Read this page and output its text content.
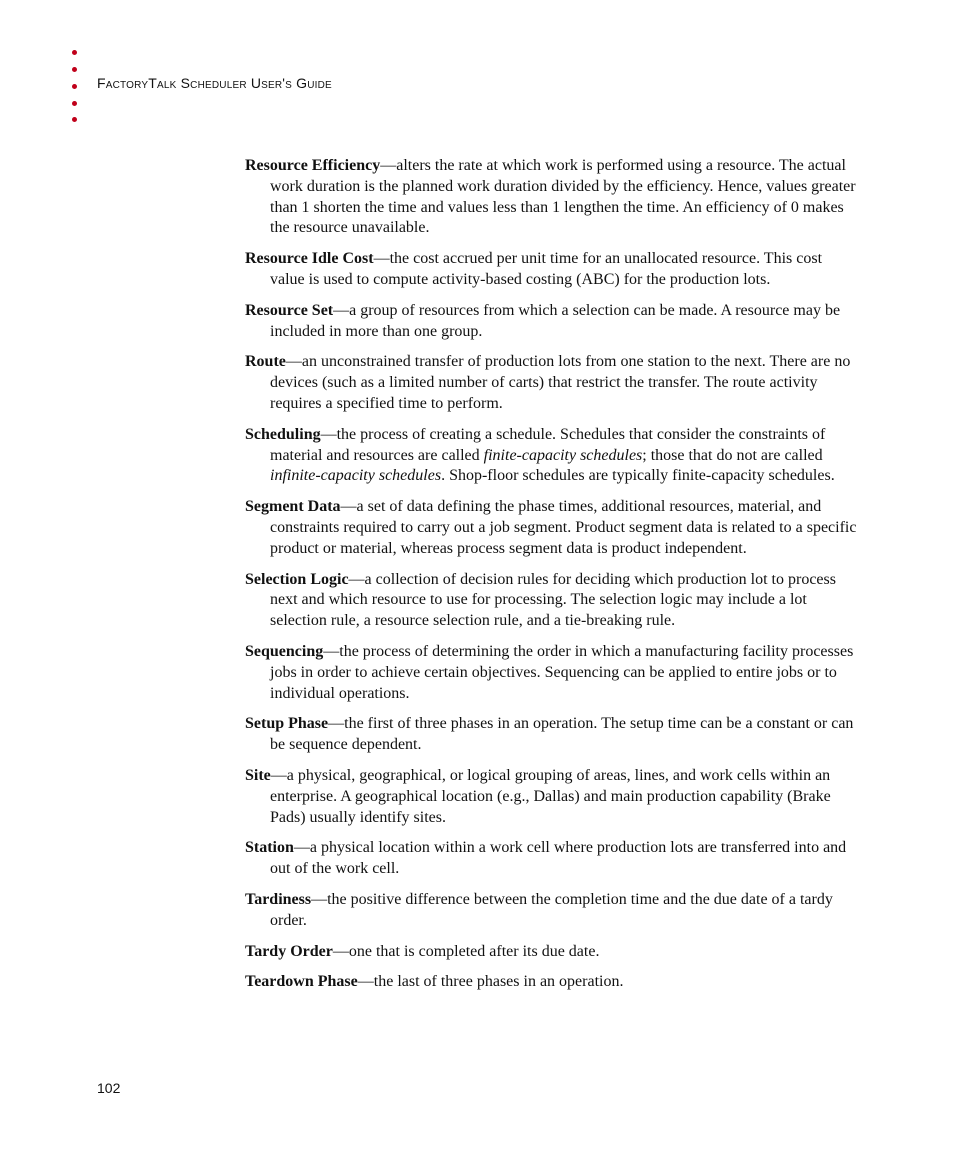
FactoryTalk Scheduler User's Guide

Resource Efficiency—alters the rate at which work is performed using a resource. The actual work duration is the planned work duration divided by the efficiency. Hence, values greater than 1 shorten the time and values less than 1 lengthen the time. An efficiency of 0 makes the resource unavailable.

Resource Idle Cost—the cost accrued per unit time for an unallocated resource. This cost value is used to compute activity-based costing (ABC) for the production lots.

Resource Set—a group of resources from which a selection can be made. A resource may be included in more than one group.

Route—an unconstrained transfer of production lots from one station to the next. There are no devices (such as a limited number of carts) that restrict the transfer. The route activity requires a specified time to perform.

Scheduling—the process of creating a schedule. Schedules that consider the constraints of material and resources are called finite-capacity schedules; those that do not are called infinite-capacity schedules. Shop-floor schedules are typically finite-capacity schedules.

Segment Data—a set of data defining the phase times, additional resources, material, and constraints required to carry out a job segment. Product segment data is related to a specific product or material, whereas process segment data is product independent.

Selection Logic—a collection of decision rules for deciding which production lot to process next and which resource to use for processing. The selection logic may include a lot selection rule, a resource selection rule, and a tie-breaking rule.

Sequencing—the process of determining the order in which a manufacturing facility processes jobs in order to achieve certain objectives. Sequencing can be applied to entire jobs or to individual operations.

Setup Phase—the first of three phases in an operation. The setup time can be a constant or can be sequence dependent.

Site—a physical, geographical, or logical grouping of areas, lines, and work cells within an enterprise. A geographical location (e.g., Dallas) and main production capability (Brake Pads) usually identify sites.

Station—a physical location within a work cell where production lots are transferred into and out of the work cell.

Tardiness—the positive difference between the completion time and the due date of a tardy order.

Tardy Order—one that is completed after its due date.

Teardown Phase—the last of three phases in an operation.

102
